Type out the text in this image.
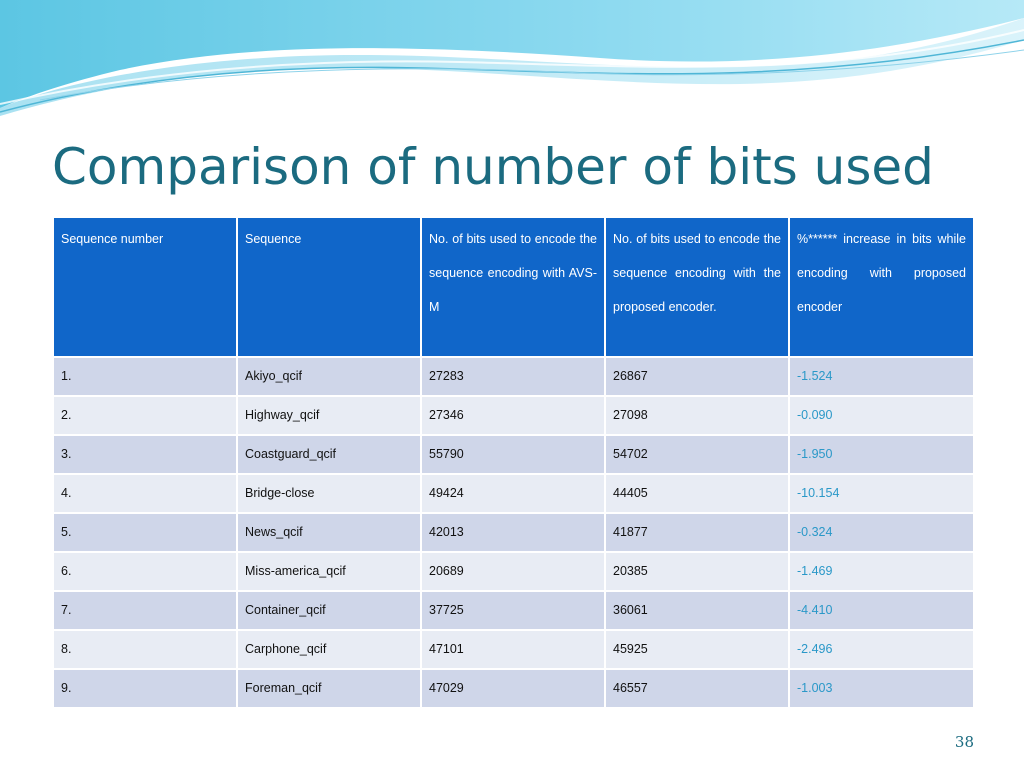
Comparison of number of bits used
Sequence number	Sequence	No. of bits used to encode the sequence encoding with AVS-M	No. of bits used to encode the sequence encoding with the proposed encoder.	%****** increase in bits while encoding with proposed encoder
1.	Akiyo_qcif	27283	26867	-1.524
2.	Highway_qcif	27346	27098	-0.090
3.	Coastguard_qcif	55790	54702	-1.950
4.	Bridge-close	49424	44405	-10.154
5.	News_qcif	42013	41877	-0.324
6.	Miss-america_qcif	20689	20385	-1.469
7.	Container_qcif	37725	36061	-4.410
8.	Carphone_qcif	47101	45925	-2.496
9.	Foreman_qcif	47029	46557	-1.003
38
